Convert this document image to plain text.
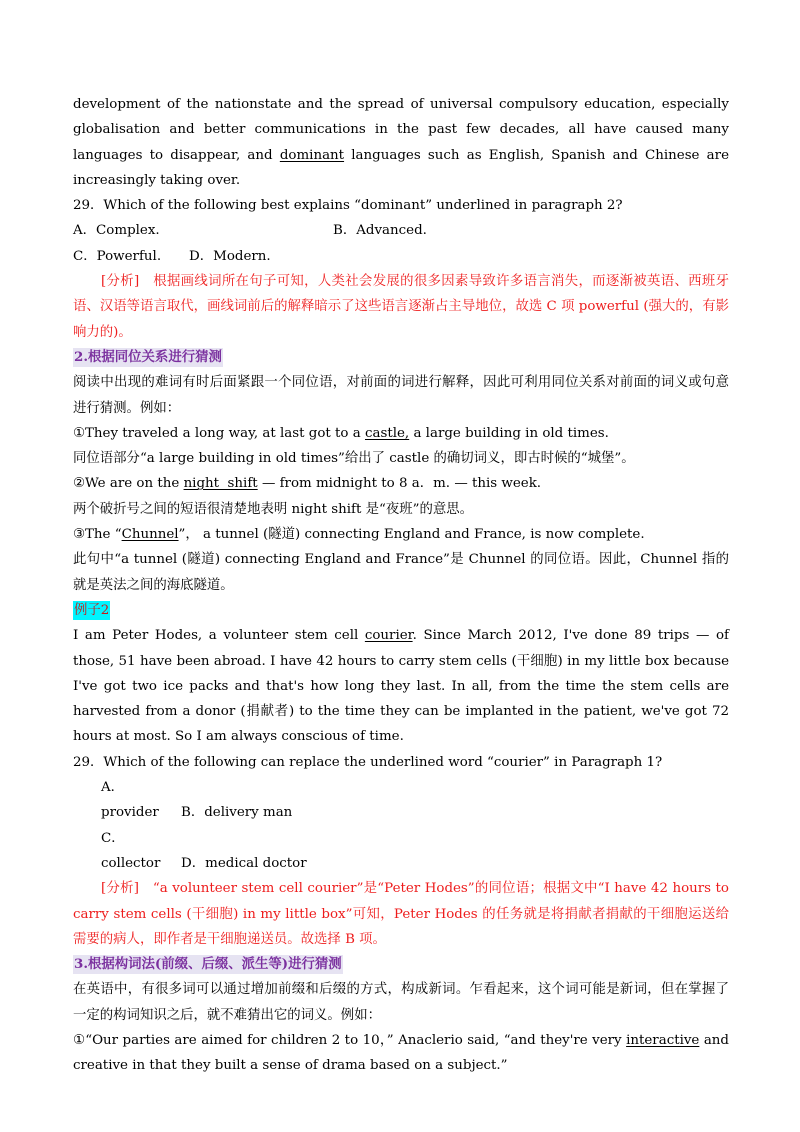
development of the nationstate and the spread of universal compulsory education, especially globalisation and better communications in the past few decades, all have caused many languages to disappear, and dominant languages such as English, Spanish and Chinese are increasingly taking over.

29．Which of the following best explains “dominant” underlined in paragraph 2?

A．Complex.	B．Advanced.

C．Powerful. D．Modern.

[分析]　根据画线词所在句子可知，人类社会发展的很多因素导致许多语言消失，而逐渐被英语、西班牙语、汉语等语言取代，画线词前后的解释暗示了这些语言逐渐占主导地位，故选 C 项 powerful (强大的，有影响力的)。

2.根据同位关系进行猜测

阅读中出现的难词有时后面紧跟一个同位语，对前面的词进行解释，因此可利用同位关系对前面的词义或句意进行猜测。例如：

①They traveled a long way, at last got to a castle, a large building in old times.

同位语部分“a large building in old times”给出了 castle 的确切词义，即古时候的“城堡”。

②We are on the night  shift — from midnight to 8 a．m. — this week.

两个破折号之间的短语很清楚地表明 night shift 是“夜班”的意思。

③The “Chunnel”， a tunnel (隧道) connecting England and France, is now complete.

此句中“a tunnel (隧道) connecting England and France”是 Chunnel 的同位语。因此，Chunnel 指的就是英法之间的海底隧道。

例子2

I am Peter Hodes, a volunteer stem cell courier. Since March 2012, I've done 89 trips — of those, 51 have been abroad. I have 42 hours to carry stem cells (干细胞) in my little box because I've got two ice packs and that's how long they last. In all, from the time the stem cells are harvested from a donor (捐献者) to the time they can be implanted in the patient, we've got 72 hours at most. So I am always conscious of time.

29．Which of the following can replace the underlined word “courier” in Paragraph 1?

A．provider B．delivery man

C．collector D．medical doctor

[分析]　“a volunteer stem cell courier”是“Peter Hodes”的同位语；根据文中“I have 42 hours to carry stem cells (干细胞) in my little box”可知，Peter Hodes 的任务就是将捐献者捐献的干细胞运送给需要的病人，即作者是干细胞递送员。故选择 B 项。

3.根据构词法(前缀、后缀、派生等)进行猜测

在英语中，有很多词可以通过增加前缀和后缀的方式，构成新词。乍看起来，这个词可能是新词，但在掌握了一定的构词知识之后，就不难猜出它的词义。例如：

①“Our parties are aimed for children 2 to 10，” Anaclerio said, “and they're very interactive and creative in that they built a sense of drama based on a subject.”
